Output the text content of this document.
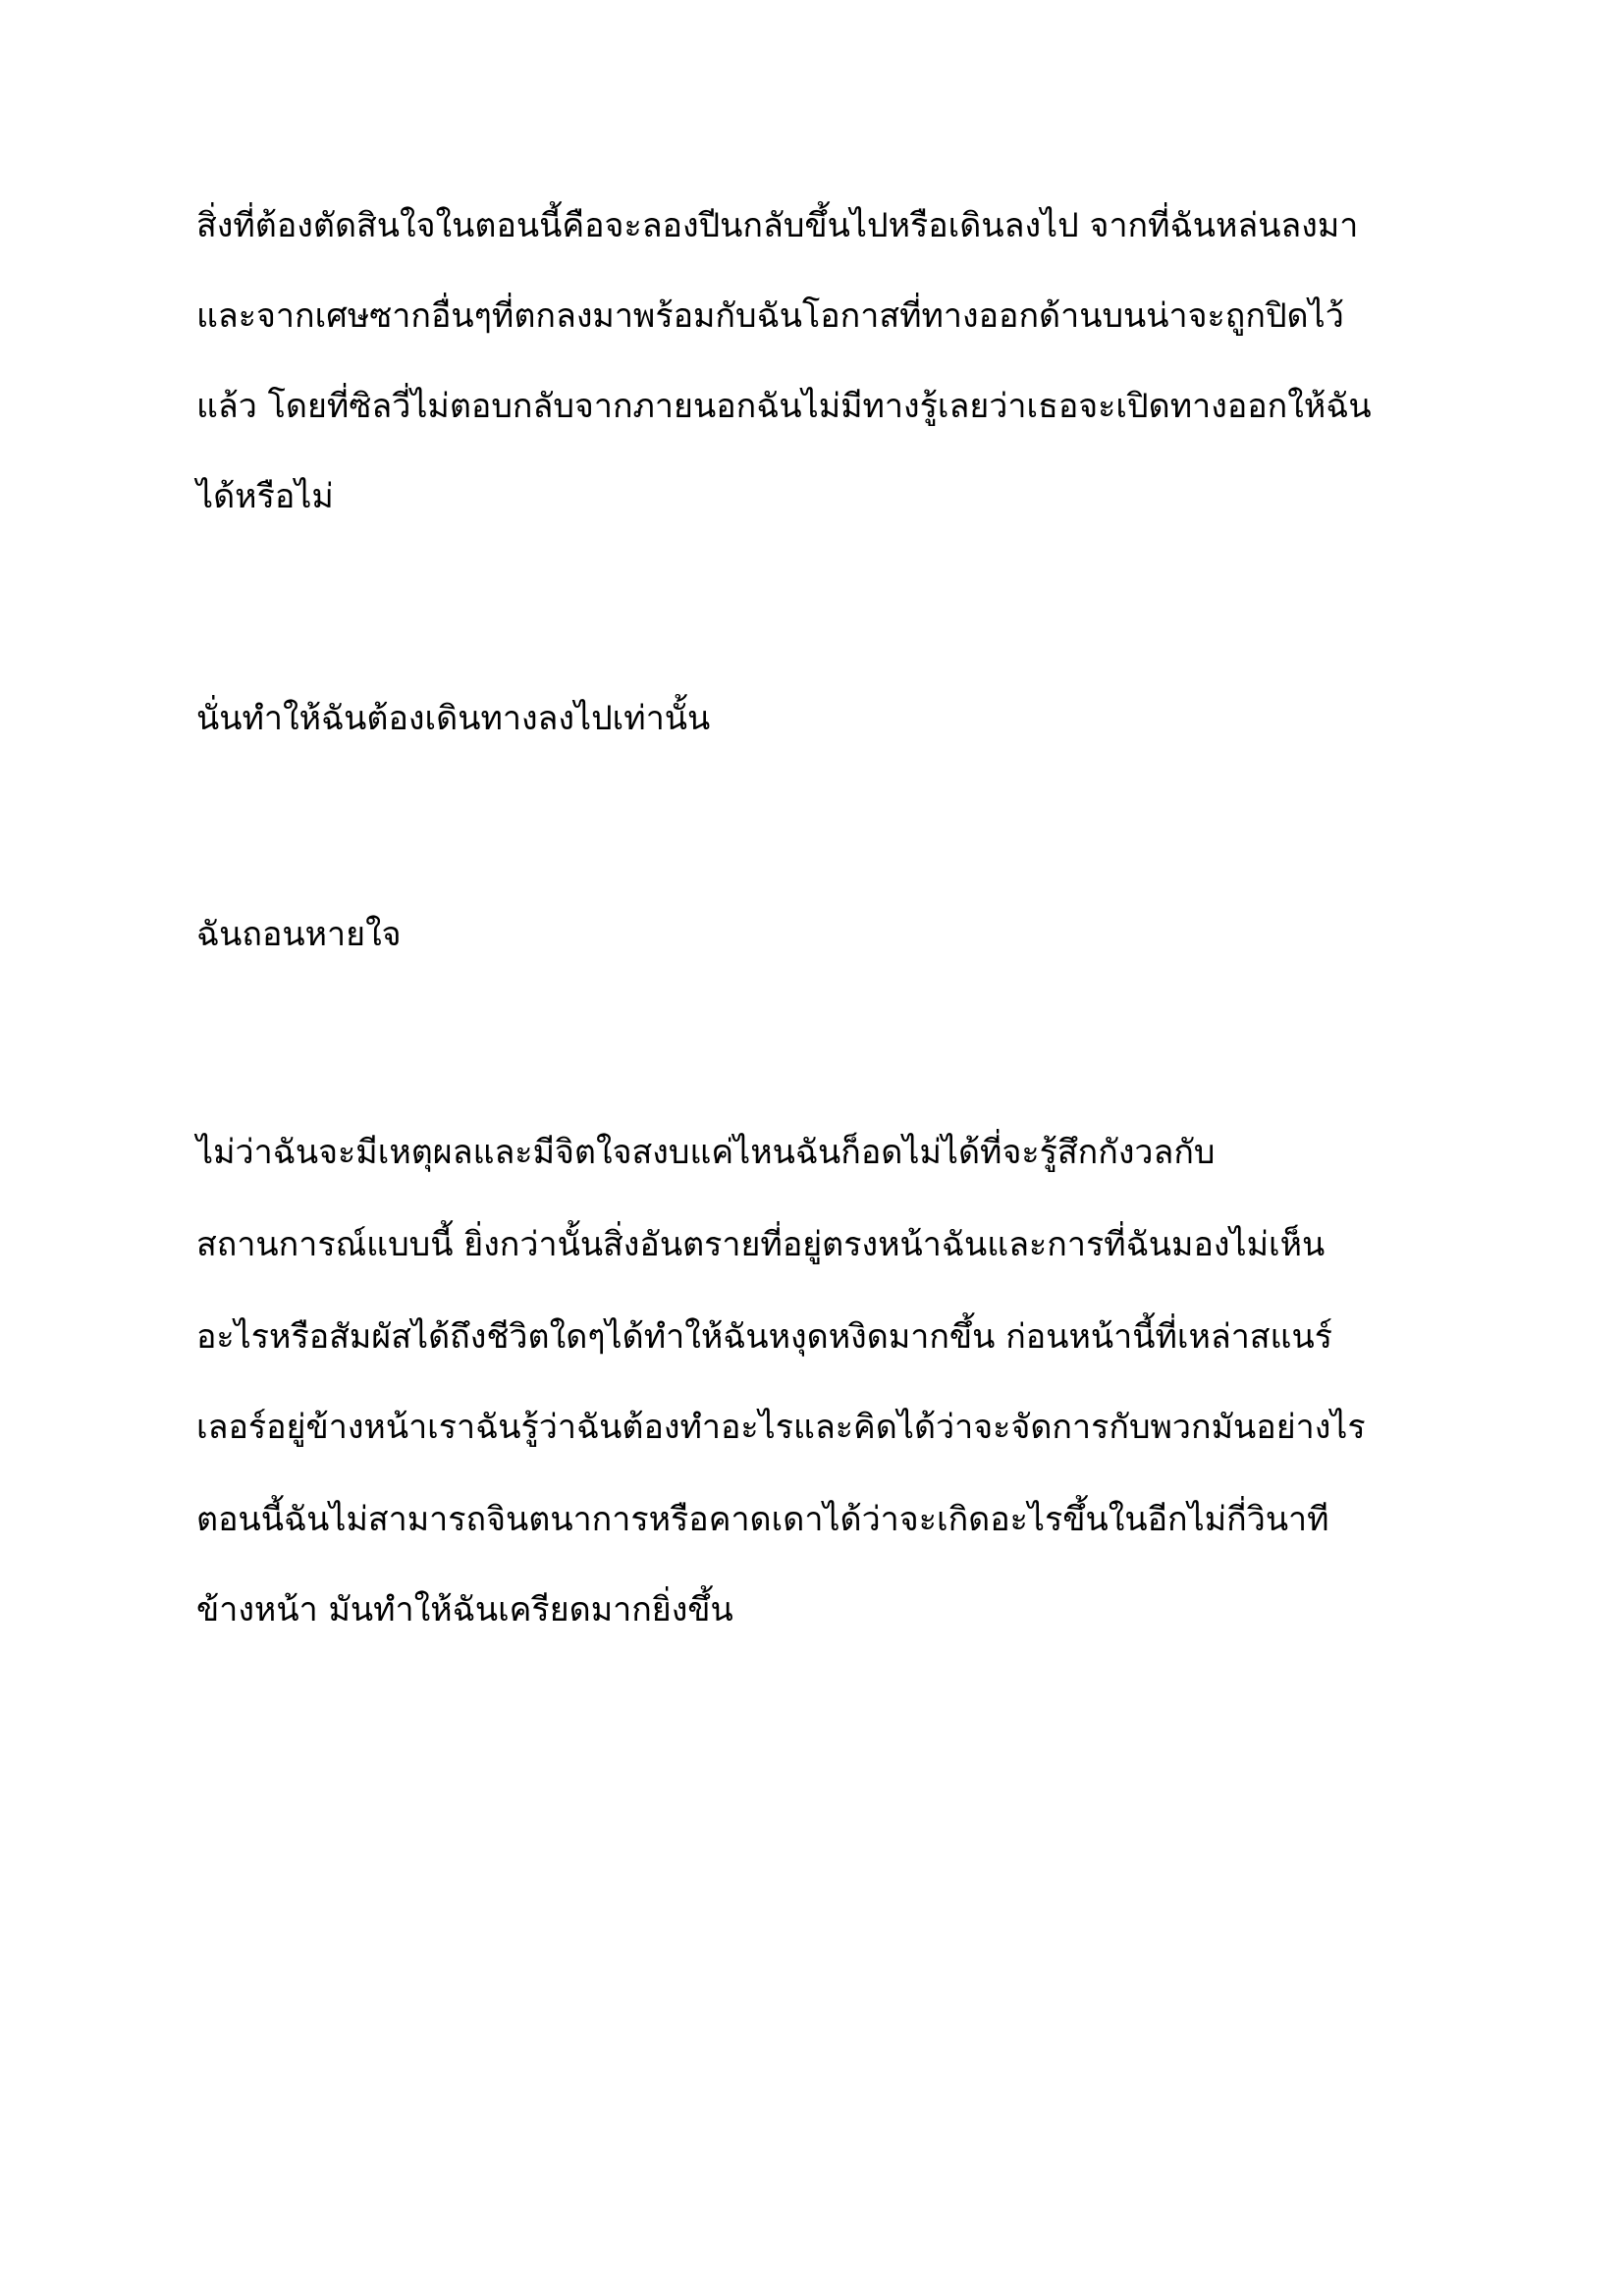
สิ่งที่ต้องตัดสินใจในตอนนี้คือจะลองปีนกลับขึ้นไปหรือเดินลงไป จากที่ฉันหล่นลงมา

และจากเศษซากอื่นๆที่ตกลงมาพร้อมกับฉันโอกาสที่ทางออกด้านบนน่าจะถูกปิดไว้

แล้ว โดยที่ซิลวี่ไม่ตอบกลับจากภายนอกฉันไม่มีทางรู้เลยว่าเธอจะเปิดทางออกให้ฉัน

ได้หรือไม่

นั่นทำให้ฉันต้องเดินทางลงไปเท่านั้น

ฉันถอนหายใจ

ไม่ว่าฉันจะมีเหตุผลและมีจิตใจสงบแค่ไหนฉันก็อดไม่ได้ที่จะรู้สึกกังวลกับ

สถานการณ์แบบนี้ ยิ่งกว่านั้นสิ่งอันตรายที่อยู่ตรงหน้าฉันและการที่ฉันมองไม่เห็น

อะไรหรือสัมผัสได้ถึงชีวิตใดๆได้ทำให้ฉันหงุดหงิดมากขึ้น ก่อนหน้านี้ที่เหล่าสแนร์

เลอร์อยู่ข้างหน้าเราฉันรู้ว่าฉันต้องทำอะไรและคิดได้ว่าจะจัดการกับพวกมันอย่างไร

ตอนนี้ฉันไม่สามารถจินตนาการหรือคาดเดาได้ว่าจะเกิดอะไรขึ้นในอีกไม่กี่วินาที

ข้างหน้า มันทำให้ฉันเครียดมากยิ่งขึ้น
